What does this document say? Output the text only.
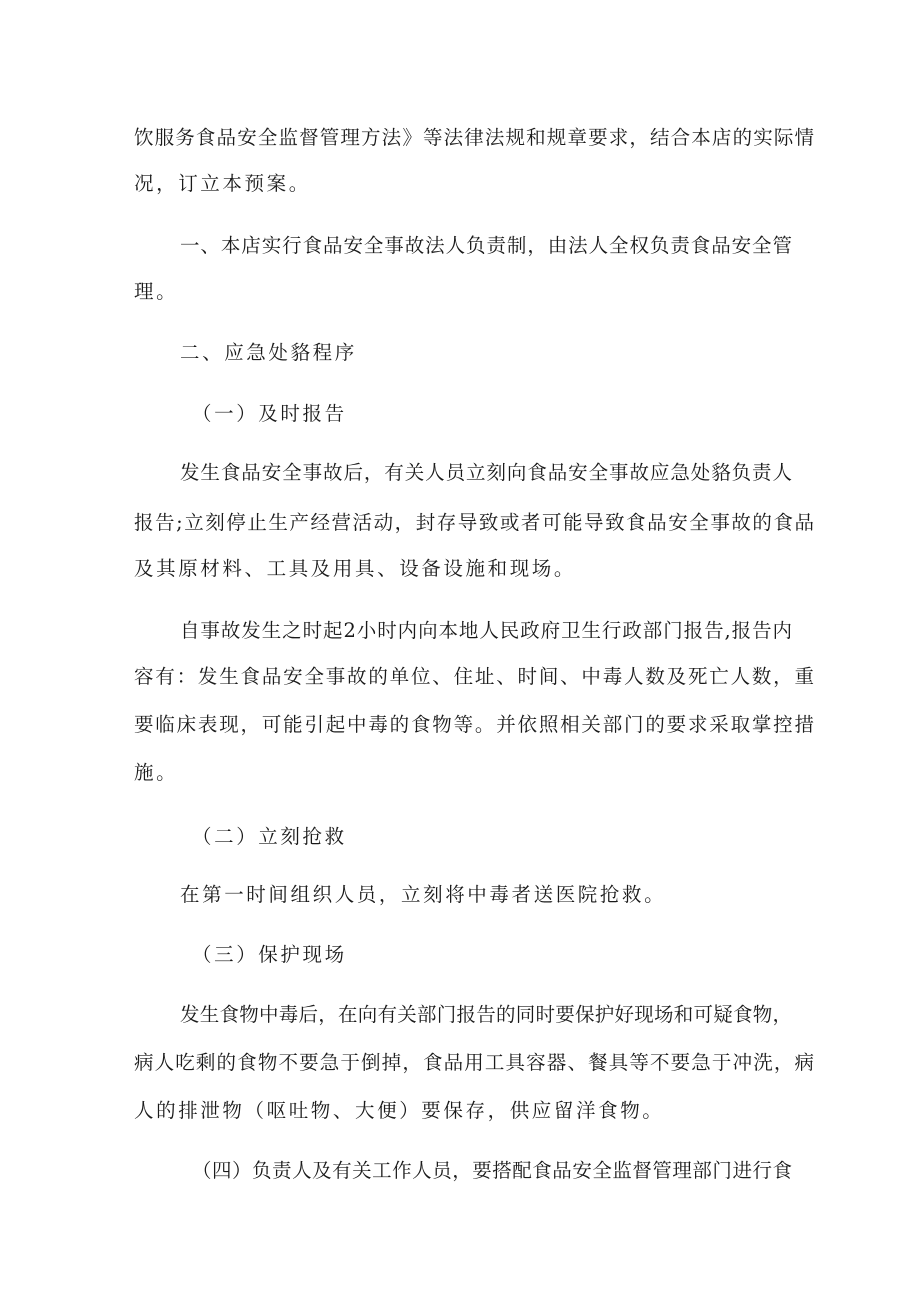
饮服务食品安全监督管理方法》等法律法规和规章要求，结合本店的实际情
况，订立本预案。
一、本店实行食品安全事故法人负责制，由法人全权负责食品安全管
理。
二、应急处貉程序
（一）及时报告
发生食品安全事故后，有关人员立刻向食品安全事故应急处貉负责人
报告;立刻停止生产经营活动，封存导致或者可能导致食品安全事故的食品
及其原材料、工具及用具、设备设施和现场。
自事故发生之时起2小时内向本地人民政府卫生行政部门报告,报告内
容有：发生食品安全事故的单位、住址、时间、中毒人数及死亡人数，重
要临床表现，可能引起中毒的食物等。并依照相关部门的要求采取掌控措
施。
（二）立刻抢救
在第一时间组织人员，立刻将中毒者送医院抢救。
（三）保护现场
发生食物中毒后，在向有关部门报告的同时要保护好现场和可疑食物，
病人吃剩的食物不要急于倒掉，食品用工具容器、餐具等不要急于冲洗，病
人的排泄物（呕吐物、大便）要保存，供应留洋食物。
（四）负责人及有关工作人员，要搭配食品安全监督管理部门进行食
